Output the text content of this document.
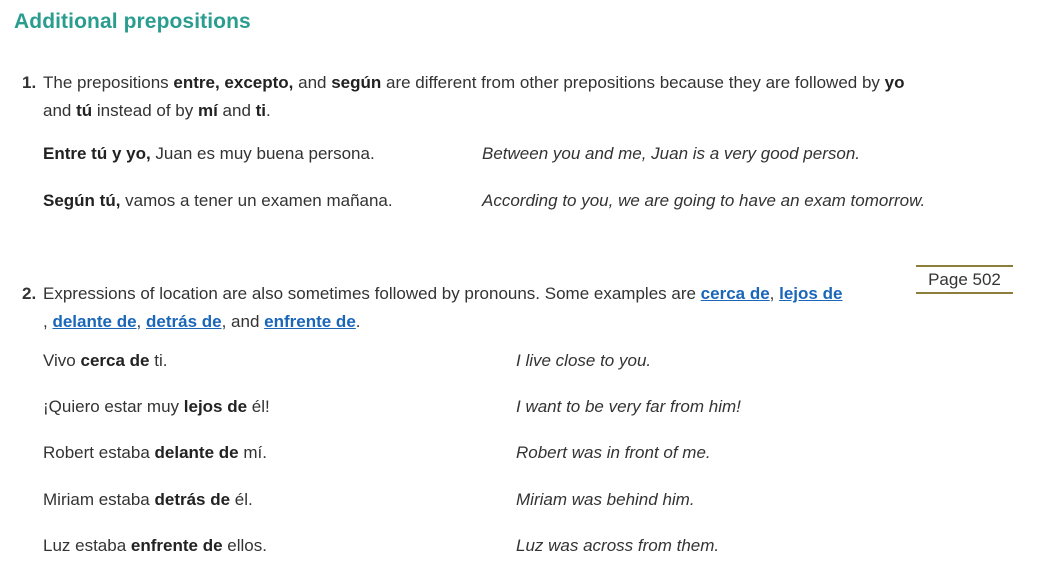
Additional prepositions
1. The prepositions entre, excepto, and según are different from other prepositions because they are followed by yo
and tú instead of by mí and ti.
Entre tú y yo, Juan es muy buena persona.	Between you and me, Juan is a very good person.
Según tú, vamos a tener un examen mañana.	According to you, we are going to have an exam tomorrow.
Page 502
2. Expressions of location are also sometimes followed by pronouns. Some examples are cerca de, lejos de
, delante de, detrás de, and enfrente de.
Vivo cerca de ti.	I live close to you.
¡Quiero estar muy lejos de él!	I want to be very far from him!
Robert estaba delante de mí.	Robert was in front of me.
Miriam estaba detrás de él.	Miriam was behind him.
Luz estaba enfrente de ellos.	Luz was across from them.
